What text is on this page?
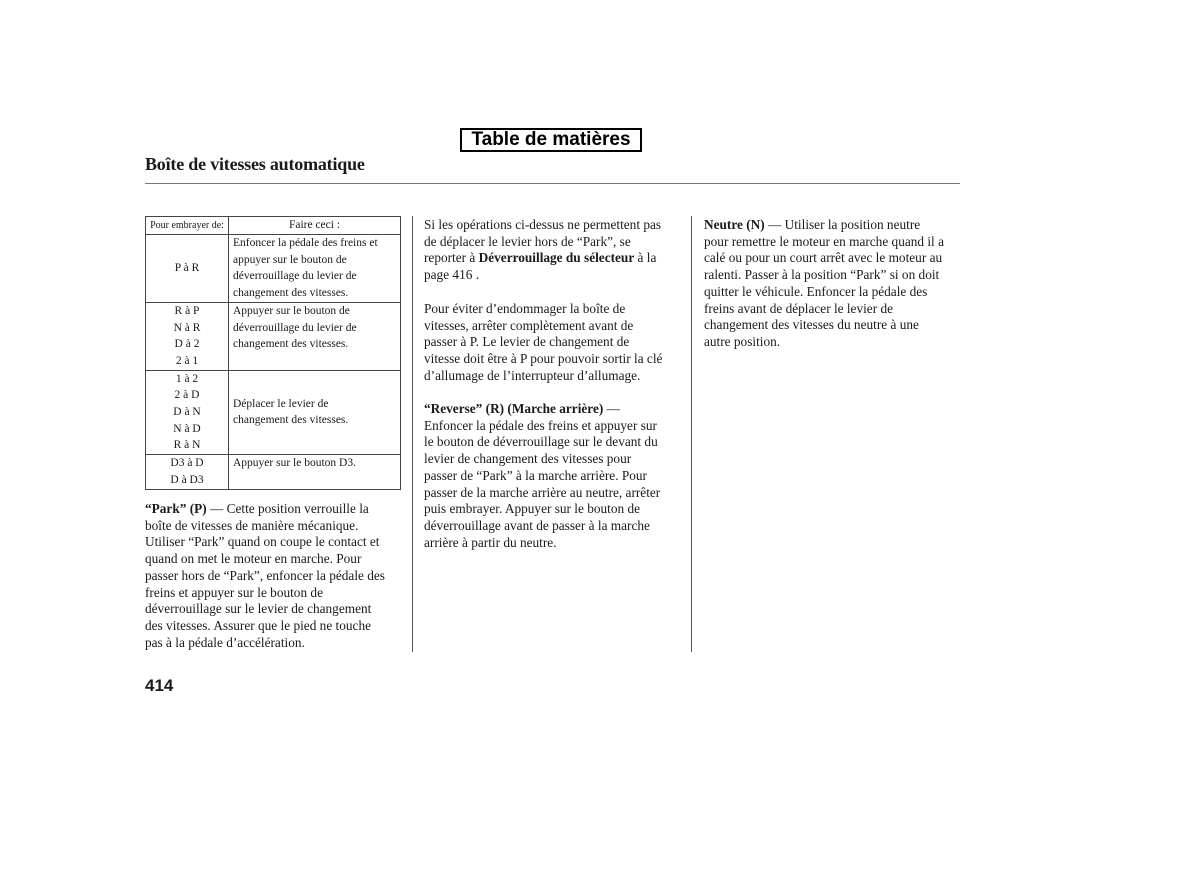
Table de matières
Boîte de vitesses automatique
Pour embrayer de:	Faire ceci :

P à R	Enfoncer la pédale des freins et
appuyer sur le bouton de
déverrouillage du levier de
changement des vitesses.

R à P
N à R
D à 2
2 à 1	Appuyer sur le bouton de
déverrouillage du levier de
changement des vitesses.

1 à 2
2 à D
D à N
N à D
R à N	Déplacer le levier de
changement des vitesses.

D3 à D
D à D3	Appuyer sur le bouton D3.

“Park” (P) — Cette position verrouille la
boîte de vitesses de manière mécanique.
Utiliser “Park” quand on coupe le contact et
quand on met le moteur en marche. Pour
passer hors de “Park”, enfoncer la pédale des
freins et appuyer sur le bouton de
déverrouillage sur le levier de changement
des vitesses. Assurer que le pied ne touche
pas à la pédale d’accélération.
Si les opérations ci-dessus ne permettent pas
de déplacer le levier hors de “Park”, se
reporter à Déverrouillage du sélecteur à la
page 416 .
Pour éviter d’endommager la boîte de
vitesses, arrêter complètement avant de
passer à P. Le levier de changement de
vitesse doit être à P pour pouvoir sortir la clé
d’allumage de l’interrupteur d’allumage.
“Reverse” (R) (Marche arrière) —
Enfoncer la pédale des freins et appuyer sur
le bouton de déverrouillage sur le devant du
levier de changement des vitesses pour
passer de “Park” à la marche arrière. Pour
passer de la marche arrière au neutre, arrêter
puis embrayer. Appuyer sur le bouton de
déverrouillage avant de passer à la marche
arrière à partir du neutre.
Neutre (N) — Utiliser la position neutre
pour remettre le moteur en marche quand il a
calé ou pour un court arrêt avec le moteur au
ralenti. Passer à la position “Park” si on doit
quitter le véhicule. Enfoncer la pédale des
freins avant de déplacer le levier de
changement des vitesses du neutre à une
autre position.
414
